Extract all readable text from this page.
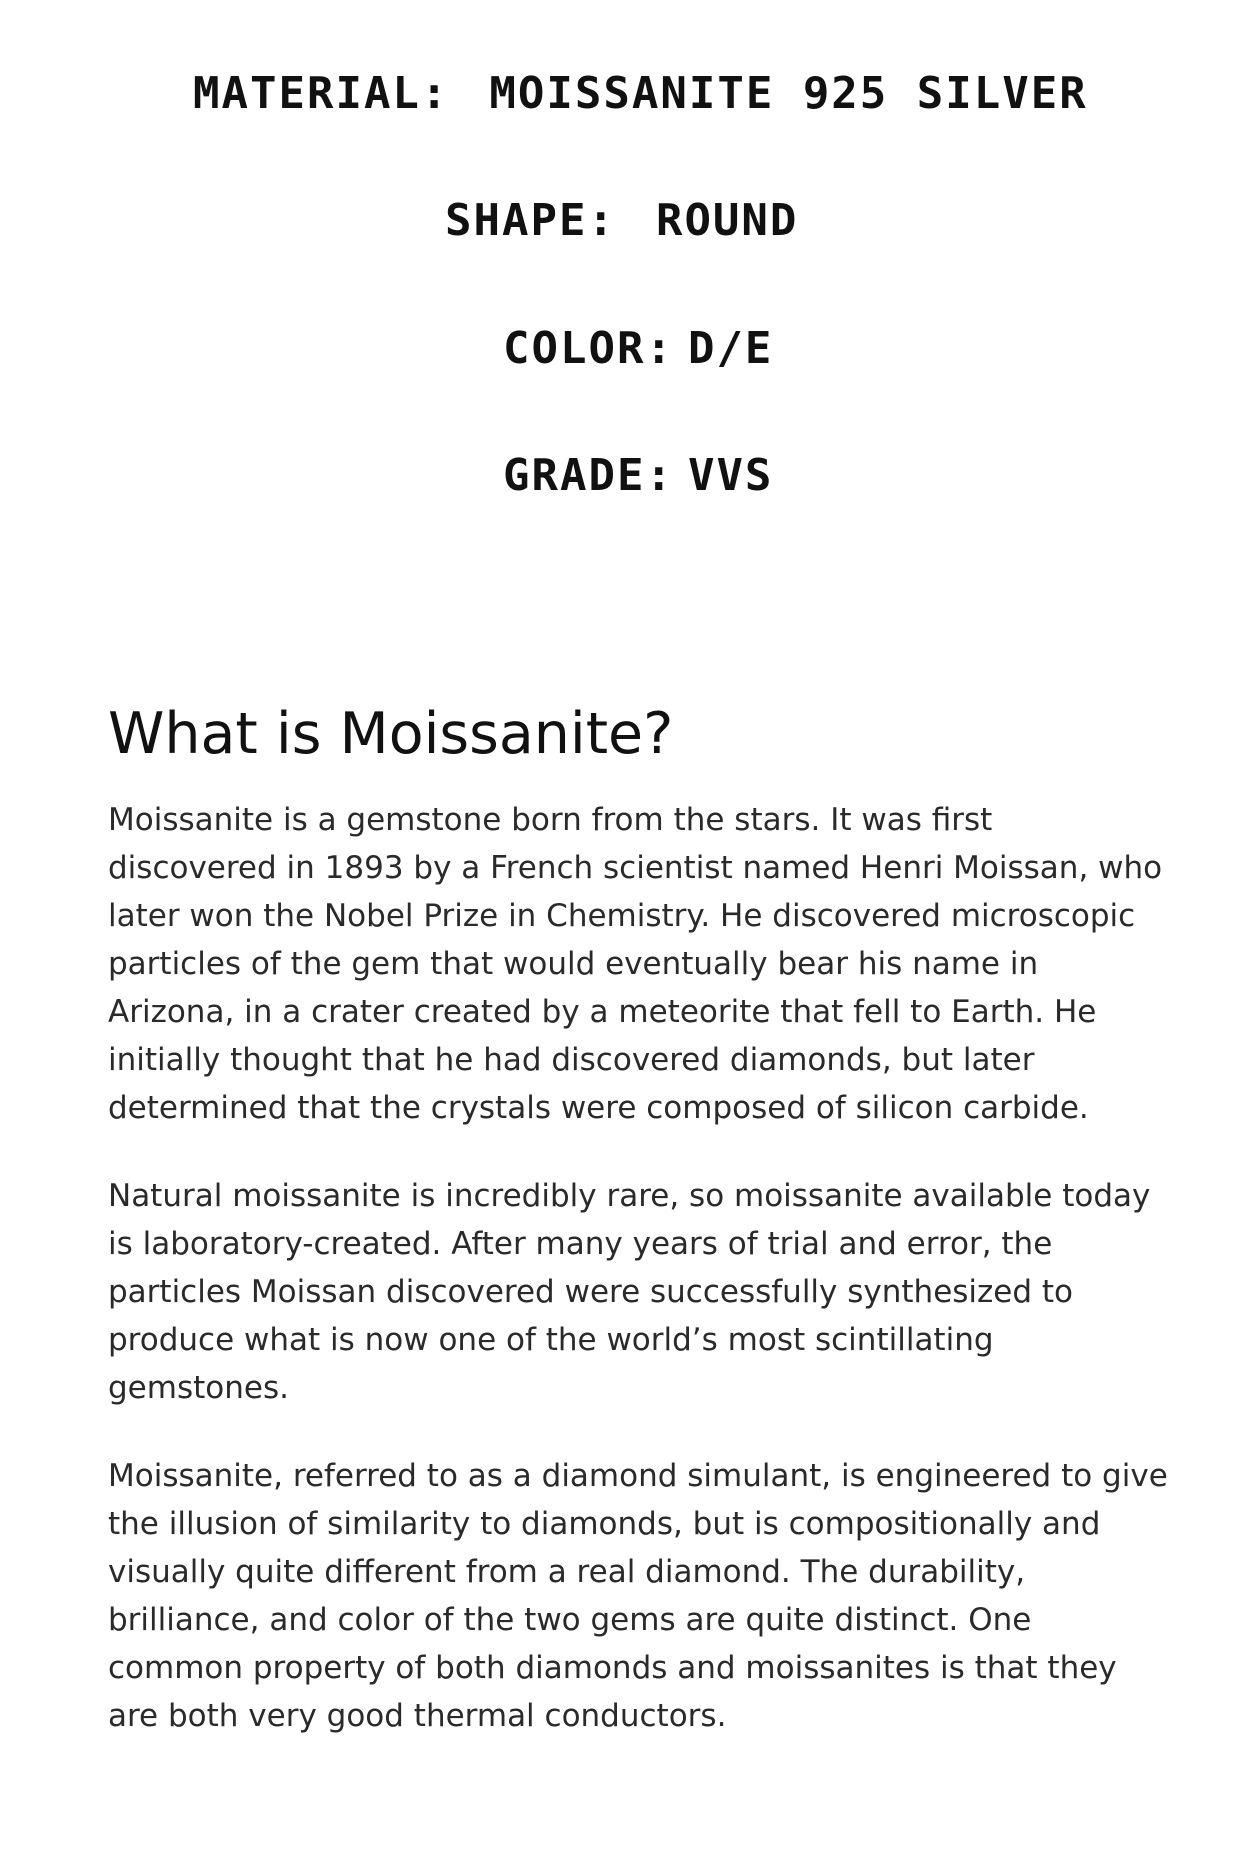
MATERIAL: MOISSANITE 925 SILVER
SHAPE: ROUND
COLOR: D/E
GRADE: VVS
What is Moissanite?

Moissanite is a gemstone born from the stars. It was first discovered in 1893 by a French scientist named Henri Moissan, who later won the Nobel Prize in Chemistry. He discovered microscopic particles of the gem that would eventually bear his name in Arizona, in a crater created by a meteorite that fell to Earth. He initially thought that he had discovered diamonds, but later determined that the crystals were composed of silicon carbide.

Natural moissanite is incredibly rare, so moissanite available today is laboratory-created. After many years of trial and error, the particles Moissan discovered were successfully synthesized to produce what is now one of the world’s most scintillating gemstones.

Moissanite, referred to as a diamond simulant, is engineered to give the illusion of similarity to diamonds, but is compositionally and visually quite different from a real diamond. The durability, brilliance, and color of the two gems are quite distinct. One common property of both diamonds and moissanites is that they are both very good thermal conductors.
